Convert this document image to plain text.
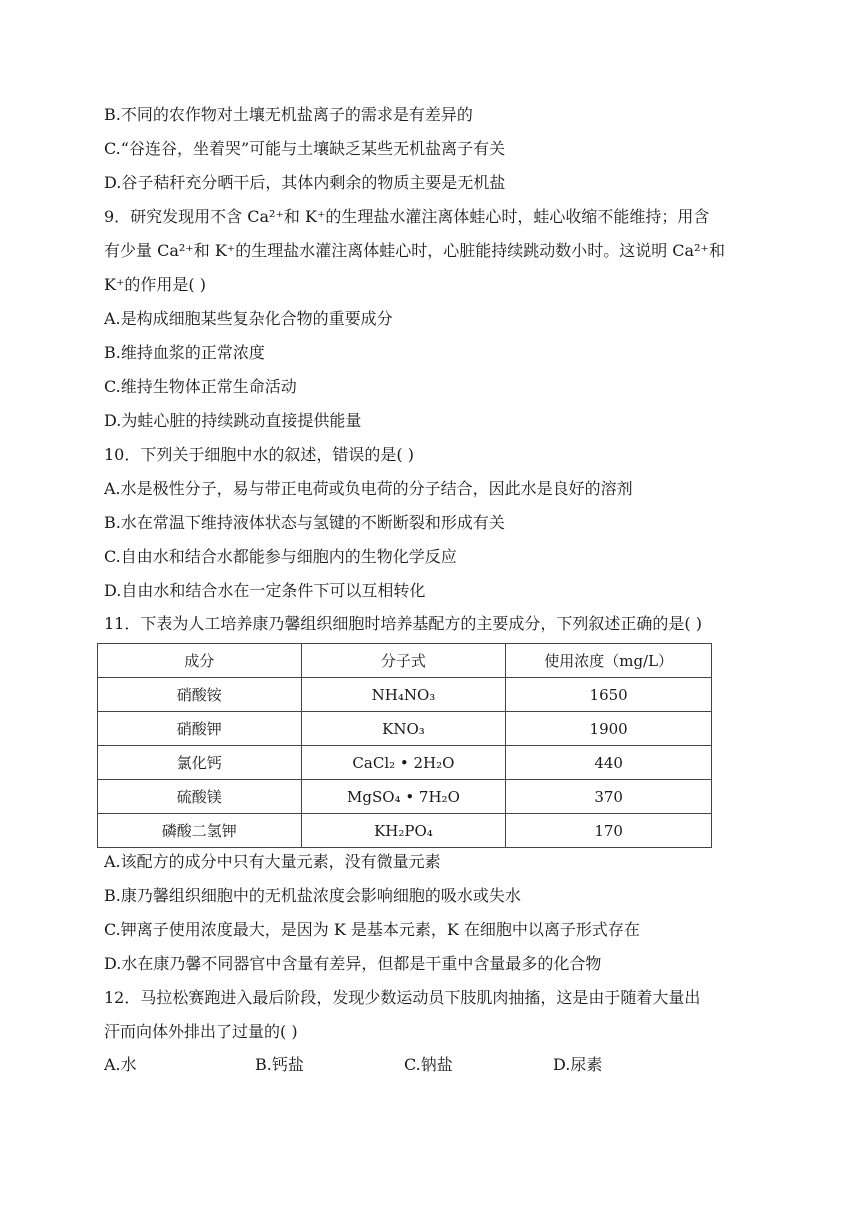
B.不同的农作物对土壤无机盐离子的需求是有差异的
C.“谷连谷，坐着哭”可能与土壤缺乏某些无机盐离子有关
D.谷子秸秆充分晒干后，其体内剩余的物质主要是无机盐
9．研究发现用不含 Ca²⁺和 K⁺的生理盐水灌注离体蛙心时，蛙心收缩不能维持；用含
有少量 Ca²⁺和 K⁺的生理盐水灌注离体蛙心时，心脏能持续跳动数小时。这说明 Ca²⁺和
K⁺的作用是( )
A.是构成细胞某些复杂化合物的重要成分
B.维持血浆的正常浓度
C.维持生物体正常生命活动
D.为蛙心脏的持续跳动直接提供能量
10．下列关于细胞中水的叙述，错误的是( )
A.水是极性分子，易与带正电荷或负电荷的分子结合，因此水是良好的溶剂
B.水在常温下维持液体状态与氢键的不断断裂和形成有关
C.自由水和结合水都能参与细胞内的生物化学反应
D.自由水和结合水在一定条件下可以互相转化
11．下表为人工培养康乃馨组织细胞时培养基配方的主要成分，下列叙述正确的是( )
成分	分子式	使用浓度（mg/L）
硝酸铵	NH₄NO₃	1650
硝酸钾	KNO₃	1900
氯化钙	CaCl₂ • 2H₂O	440
硫酸镁	MgSO₄ • 7H₂O	370
磷酸二氢钾	KH₂PO₄	170
A.该配方的成分中只有大量元素，没有微量元素
B.康乃馨组织细胞中的无机盐浓度会影响细胞的吸水或失水
C.钾离子使用浓度最大，是因为 K 是基本元素，K 在细胞中以离子形式存在
D.水在康乃馨不同器官中含量有差异，但都是干重中含量最多的化合物
12．马拉松赛跑进入最后阶段，发现少数运动员下肢肌肉抽搐，这是由于随着大量出
汗而向体外排出了过量的( )
A.水	B.钙盐	C.钠盐	D.尿素
